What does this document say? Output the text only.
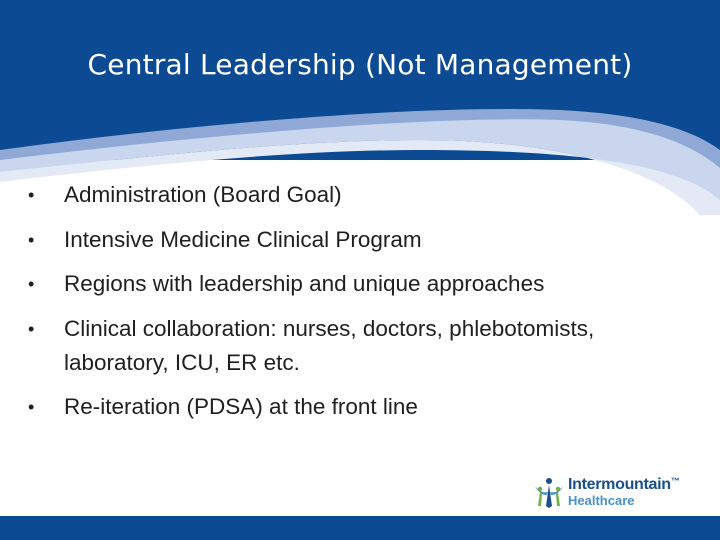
Central Leadership (Not Management)
• Administration (Board Goal)
• Intensive Medicine Clinical Program
• Regions with leadership and unique approaches
• Clinical collaboration: nurses, doctors, phlebotomists, laboratory, ICU, ER etc.
• Re-iteration (PDSA) at the front line
Intermountain™
Healthcare
